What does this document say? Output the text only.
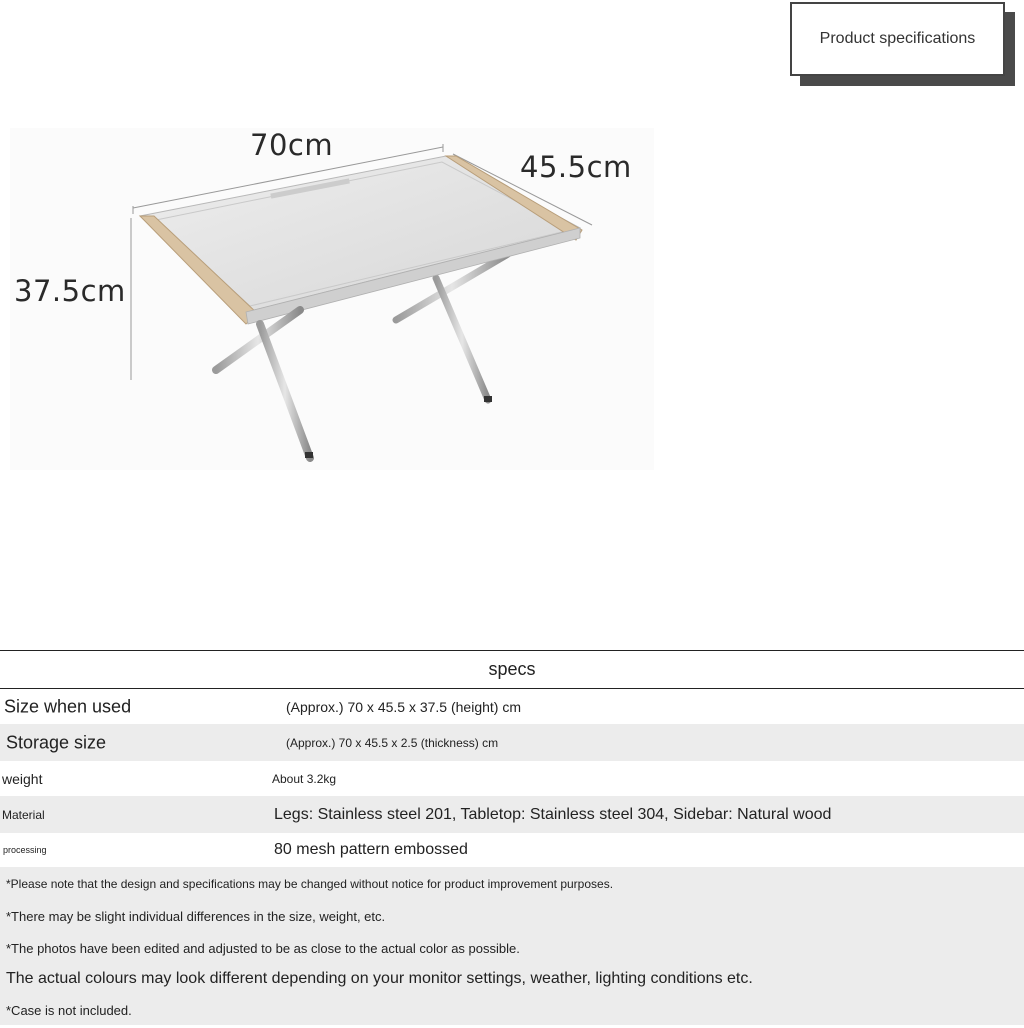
Product specifications
70cm
45.5cm
37.5cm
specs
Size when used	(Approx.) 70 x 45.5 x 37.5 (height) cm
Storage size	(Approx.) 70 x 45.5 x 2.5 (thickness) cm
weight	About 3.2kg
Material	Legs: Stainless steel 201, Tabletop: Stainless steel 304, Sidebar: Natural wood
processing	80 mesh pattern embossed
*Please note that the design and specifications may be changed without notice for product improvement purposes.
*There may be slight individual differences in the size, weight, etc.
*The photos have been edited and adjusted to be as close to the actual color as possible.
The actual colours may look different depending on your monitor settings, weather, lighting conditions etc.
*Case is not included.
